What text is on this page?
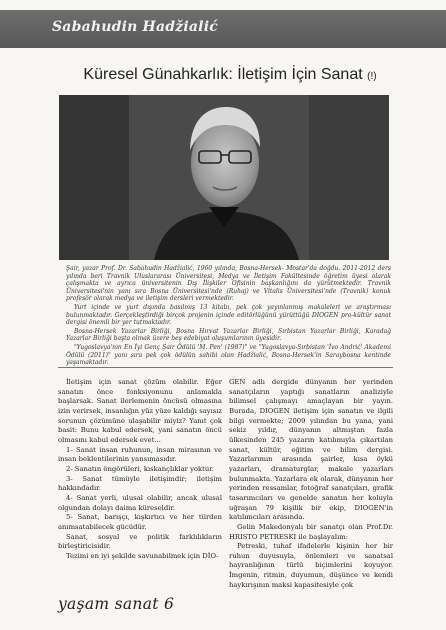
Sabahudin Hadžialić
Küresel Günahkarlık: İletişim İçin Sanat (!)

Şair, yazar Prof. Dr. Sabahudin Hadžialić, 1960 yılında, Bosna-Hersek- Mostar'da doğdu. 2011-2012 ders yılında beri Travnik Uluslararası Üniversitesi, Medya ve İletişim Fakültesinde öğretim üyesi olarak çalışmakta ve ayrıca üniversitenin Dış İlişkiler Ofisinin başkanlığını da yürütmektedir. Travnik Üniversitesi'nin yanı sıra Bosna Üniversitesi'nde (Ruhaj) ve Vitalis Üniversitesi'nde (Travnik) konuk profesör olarak medya ve iletişim dersleri vermektedir.

Yurt içinde ve yurt dışında basılmış 13 kitabı, pek çok yayınlanmış makaleleri ve araştırması bulunmaktadır. Gerçekleştirdiği birçok projenin içinde editörlüğünü yürüttüğü DIOGEN pro-kültür sanat dergisi önemli bir yer tutmaktadır.

Bosna-Hersek Yazarlar Birliği, Bosna Hırvat Yazarlar Birliği, Sırbistan Yazarlar Birliği, Karadağ Yazarlar Birliği başta olmak üzere beş edebiyat oluşumlarının üyesidir.

"Yugoslavya'nın En İyi Genç Şair Ödülü 'M. Pen' (1987)" ve "Yugoslavya-Sırbistan 'İvo Andrić' Akademi Ödülü (2011)" yanı sıra pek çok ödülün sahibi olan Hadžialić, Bosna-Hersek'in Saraybosna kentinde yaşamaktadır.

İletişim için sanat çözüm olabilir. Eğer sanatın önce fonksiyonunu anlamakla başlarsak. Sanat ilerlemenin öncüsü olmasına izin verirsek, insanlığın yüz yüze kaldığı sayısız sorunun çözümüne ulaşabilir miyiz? Yanıt çok basit: Bunu kabul edersek, yani sanatın öncü olmasını kabul edersek evet...

1- Sanat insan ruhunun, insan mirasının ve insan beklentilerinin yansımasıdır.

2- Sanatın öngörüleri, kıskançlıklar yoktur.

3- Sanat tümüyle iletişimdir; iletişim hakkındadır.

4- Sanat yerli, ulusal olabilir, ancak ulusal olgundan dolayı daima küreseldir.

5- Sanat, barışçı, kışkırtıcı ve her türden anımsatabilecek gücüdür.

Sanat, sosyal ve politik farklılıkların birleştiricisidir.

Tezimi en iyi şekilde savunabilmek için DİO-

GEN adlı dergide dünyanın her yerinden sanatçıların yaptığı sanatların analiziyle bilimsel çalışmayı amaçlayan bir yayın. Burada, DIOGEN iletişim için sanatın ve ilgili bilgi vermekte; 2009 yılından bu yana, yani sekiz yıldır, dünyanın altmıştan fazla ülkesinden 245 yazarın katılımıyla çıkartılan sanat, kültür, eğitim ve bilim dergisi. Yazarlarımın arasında şairler, kısa öykü yazarları, dramaturglar, makale yazarları bulunmakta. Yazarlara ek olarak, dünyanın her yerinden ressamlar, fotoğraf sanatçıları, grafik tasarımcıları ve genelde sanatın her koluyla uğraşan 79 kişilik bir ekip, DIOGEN'in katılımcıları arasında.

Gelin Makedonyalı bir sanatçı olan Prof.Dr. HRISTO PETRESKI ile başlayalım:

Petreski, tuhaf ifadelerle kişinin her bir ruhun duyusuyla, önlemleri ve sanatsal hayranlığının türlü biçimlerini koyuyor. İmgenin, ritmin, duyumun, düşünce ve kendi haykırışının maksi kapasitesiyle çok

yaşam sanat 6
